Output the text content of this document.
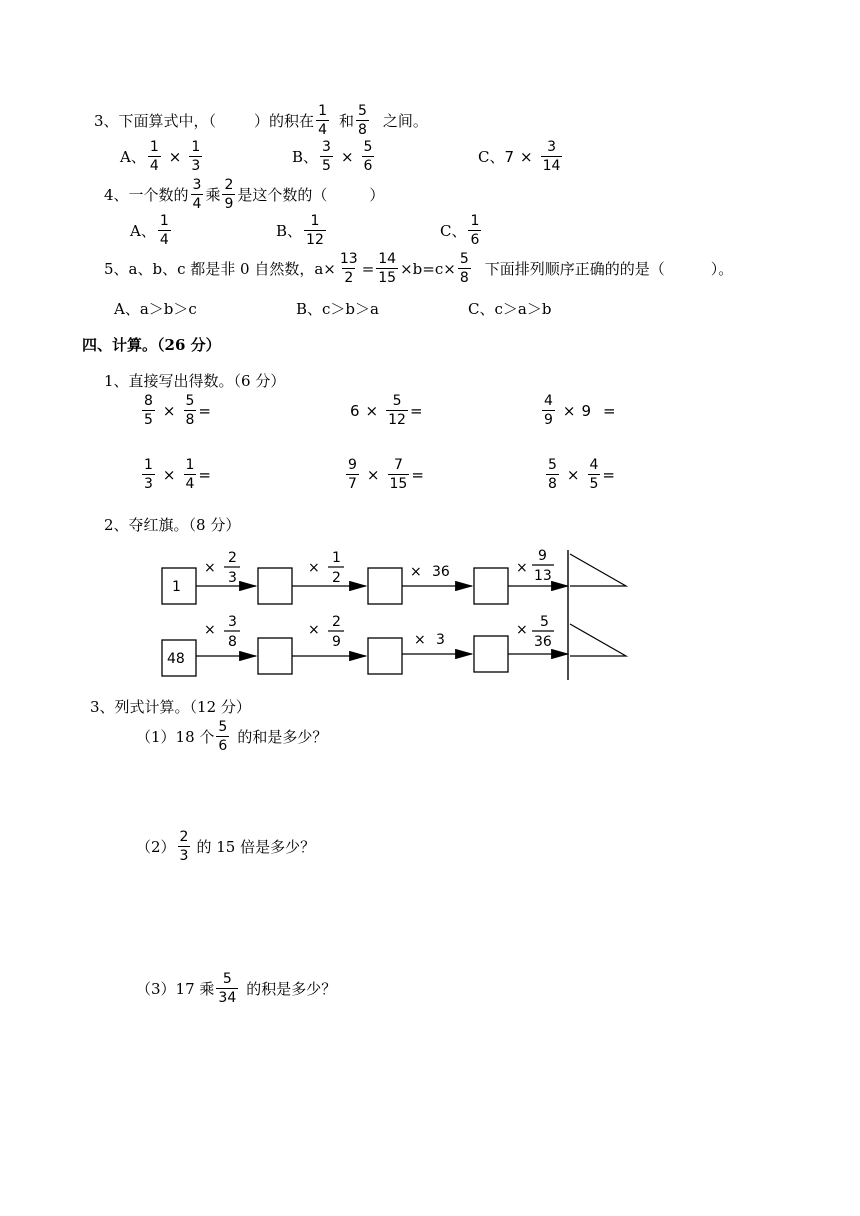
3、下面算式中，（	）的积在 $\frac{1}{4}$ 和 $\frac{5}{8}$ 之间。
A、 $\frac{1}{4} \times \frac{1}{3}$	B、 $\frac{3}{5} \times \frac{5}{6}$	C、 $7 \times \frac{3}{14}$
4、一个数的 $\frac{3}{4}$ 乘 $\frac{2}{9}$ 是这个数的（	）
A、 $\frac{1}{4}$	B、 $\frac{1}{12}$	C、 $\frac{1}{6}$
5、a、b、c 都是非 0 自然数，$a\times \frac{13}{2} = \frac{14}{15} \times b=c\times \frac{5}{8}$ 下面排列顺序正确的的是（	）。
A、a＞b＞c	B、c＞b＞a	C、c＞a＞b
四、计算。（26 分）
1、直接写出得数。（6 分）
$\frac{8}{5} \times \frac{5}{8}$ =	$6 \times \frac{5}{12}$ =	$\frac{4}{9} \times 9$ =
$\frac{1}{3} \times \frac{1}{4}$ =	$\frac{9}{7} \times \frac{7}{15}$ =	$\frac{5}{8} \times \frac{4}{5}$ =
2、夺红旗。（8 分）
1
×
2
3
×
1
2	× 36	×
9
13
48
× 3
8
× 2
9	× 3
× 5
36
3、列式计算。（12 分）
（1）18 个 $\frac{5}{6}$ 的和是多少？
$(2) \frac{2}{3}$ 的 15 倍是多少？
（3）17 乘 $\frac{5}{34}$ 的积是多少？
